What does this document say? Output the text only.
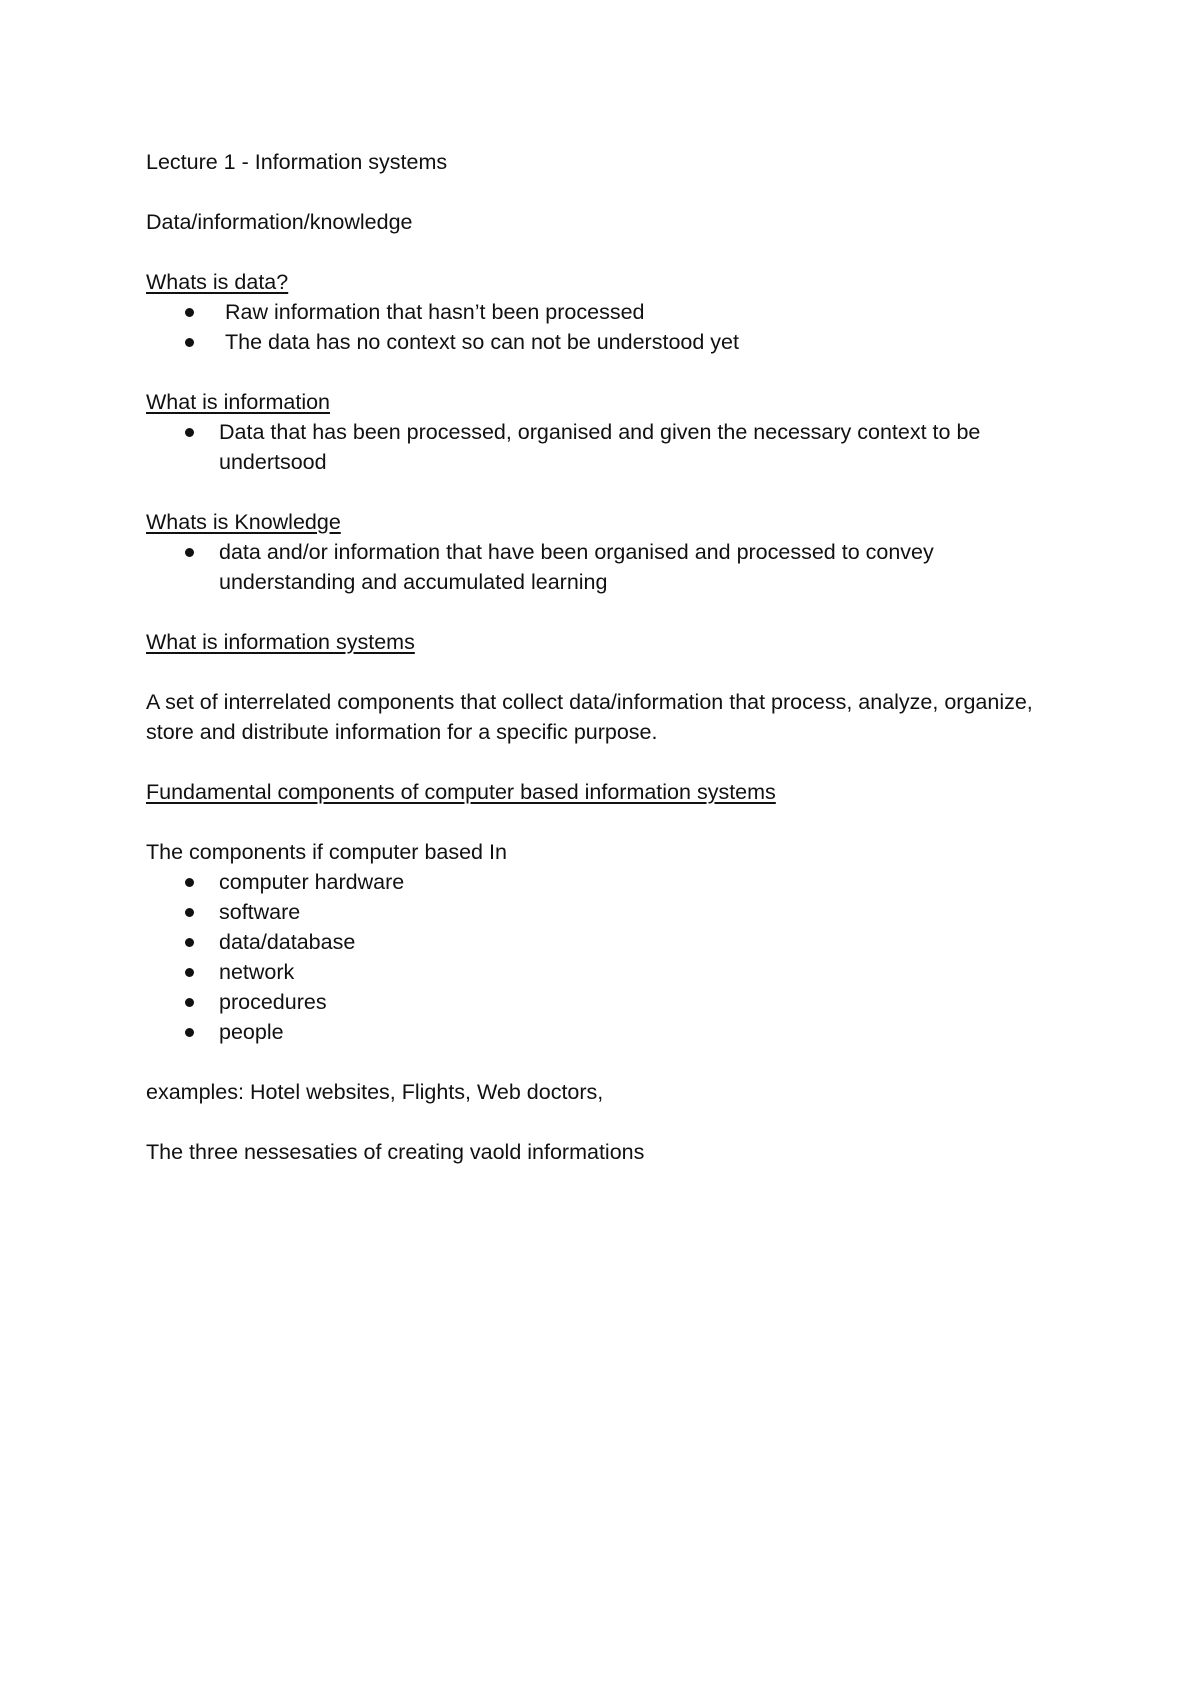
Lecture 1 - Information systems

Data/information/knowledge

Whats is data?

Raw information that hasn’t been processed
The data has no context so can not be understood yet

What is information

Data that has been processed, organised and given the necessary context to be undertsood

Whats is Knowledge

data and/or information that have been organised and processed to convey understanding and accumulated learning

What is information systems

A set of interrelated components that collect data/information that process, analyze, organize, store and distribute information for a specific purpose.

Fundamental components of computer based information systems

The components if computer based In

computer hardware
software
data/database
network
procedures
people

examples: Hotel websites, Flights, Web doctors,

The three nessesaties of creating vaold informations
